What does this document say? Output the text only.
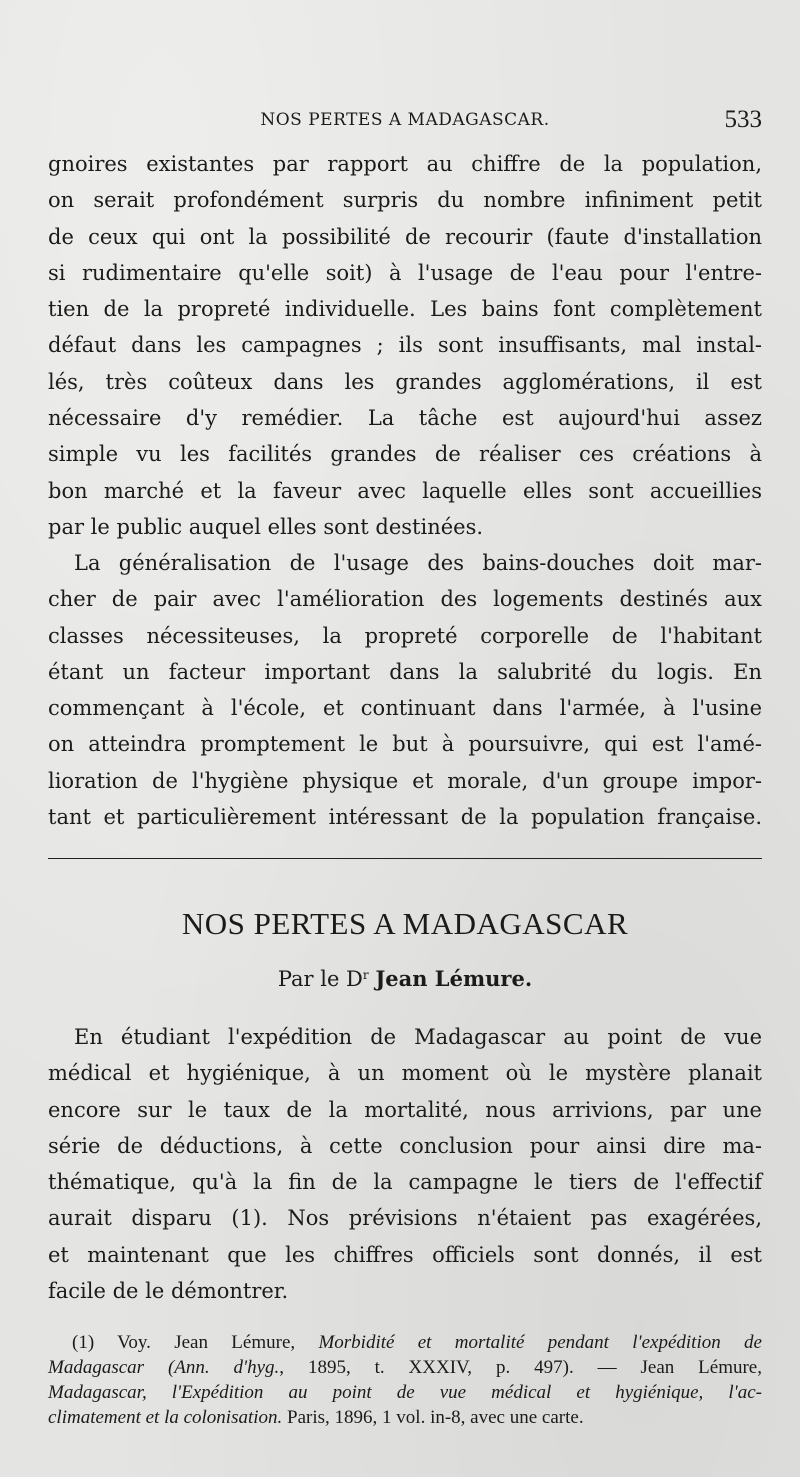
NOS PERTES A MADAGASCAR.	533
gnoires existantes par rapport au chiffre de la population,
on serait profondément surpris du nombre infiniment petit
de ceux qui ont la possibilité de recourir (faute d'installation
si rudimentaire qu'elle soit) à l'usage de l'eau pour l'entre-
tien de la propreté individuelle. Les bains font complètement
défaut dans les campagnes ; ils sont insuffisants, mal instal-
lés, très coûteux dans les grandes agglomérations, il est
nécessaire d'y remédier. La tâche est aujourd'hui assez
simple vu les facilités grandes de réaliser ces créations à
bon marché et la faveur avec laquelle elles sont accueillies
par le public auquel elles sont destinées.
La généralisation de l'usage des bains-douches doit mar-
cher de pair avec l'amélioration des logements destinés aux
classes nécessiteuses, la propreté corporelle de l'habitant
étant un facteur important dans la salubrité du logis. En
commençant à l'école, et continuant dans l'armée, à l'usine
on atteindra promptement le but à poursuivre, qui est l'amé-
lioration de l'hygiène physique et morale, d'un groupe impor-
tant et particulièrement intéressant de la population française.
NOS PERTES A MADAGASCAR
Par le $D^r$ Jean Lémure.
En étudiant l'expédition de Madagascar au point de vue
médical et hygiénique, à un moment où le mystère planait
encore sur le taux de la mortalité, nous arrivions, par une
série de déductions, à cette conclusion pour ainsi dire ma-
thématique, qu'à la fin de la campagne le tiers de l'effectif
aurait disparu (1). Nos prévisions n'étaient pas exagérées,
et maintenant que les chiffres officiels sont donnés, il est
facile de le démontrer.
(1) Voy. Jean Lémure, Morbidité et mortalité pendant l'expédition de
Madagascar (Ann. d'hyg., 1895, t. XXXIV, p. 497). — Jean Lémure,
Madagascar, l'Expédition au point de vue médical et hygiénique, l'ac-
climatement et la colonisation. Paris, 1896, 1 vol. in-8, avec une carte.
